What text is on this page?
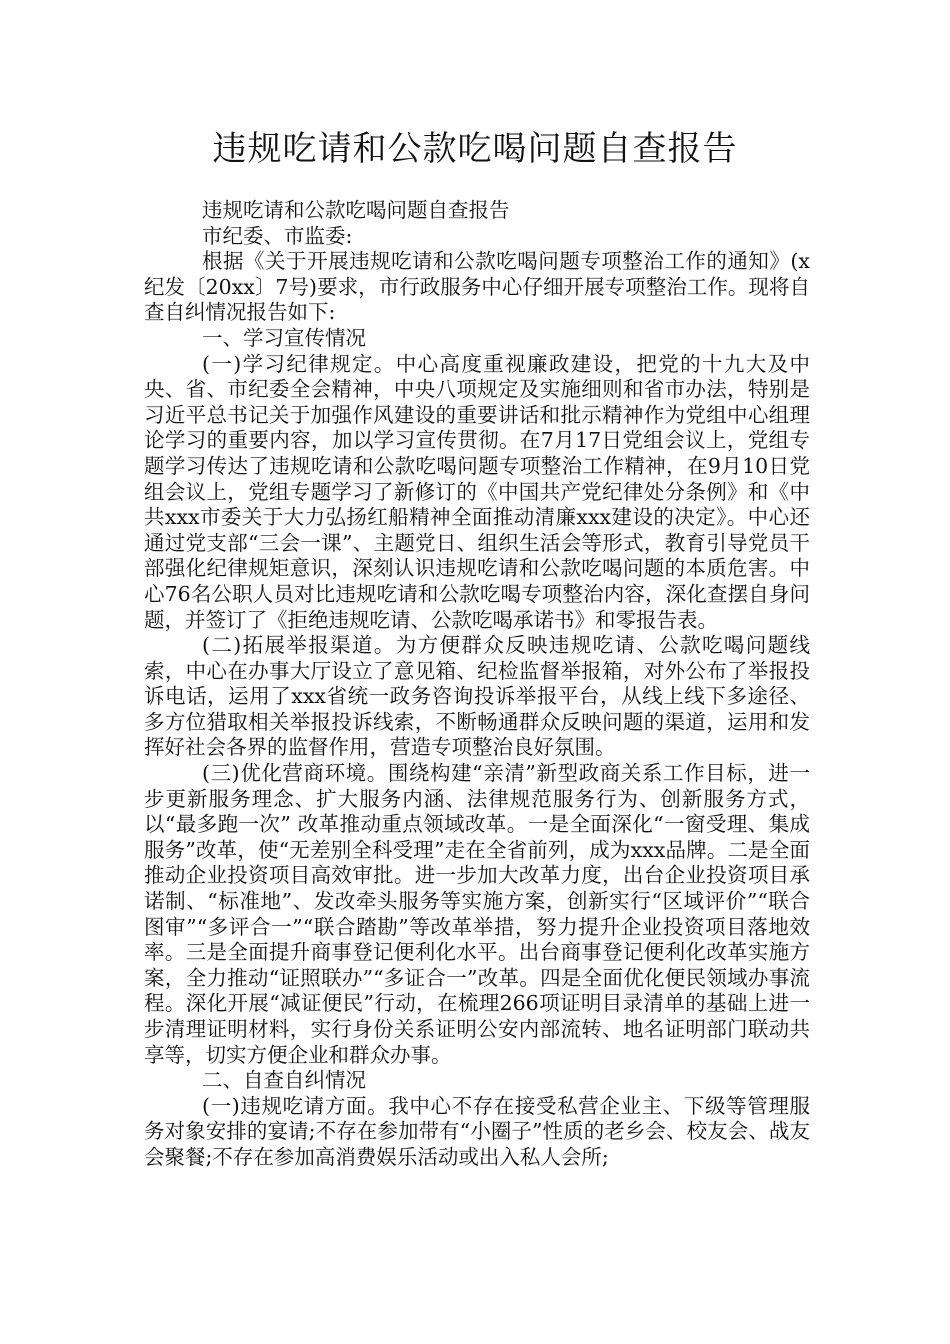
违规吃请和公款吃喝问题自查报告

违规吃请和公款吃喝问题自查报告

市纪委、市监委:

根据《关于开展违规吃请和公款吃喝问题专项整治工作的通知》(x纪发〔20xx〕7号)要求，市行政服务中心仔细开展专项整治工作。现将自查自纠情况报告如下:

一、学习宣传情况

(一)学习纪律规定。中心高度重视廉政建设，把党的十九大及中央、省、市纪委全会精神，中央八项规定及实施细则和省市办法，特别是习近平总书记关于加强作风建设的重要讲话和批示精神作为党组中心组理论学习的重要内容，加以学习宣传贯彻。在7月17日党组会议上，党组专题学习传达了违规吃请和公款吃喝问题专项整治工作精神，在9月10日党组会议上，党组专题学习了新修订的《中国共产党纪律处分条例》和《中共xxx市委关于大力弘扬红船精神全面推动清廉xxx建设的决定》。中心还通过党支部“三会一课”、主题党日、组织生活会等形式，教育引导党员干部强化纪律规矩意识，深刻认识违规吃请和公款吃喝问题的本质危害。中心76名公职人员对比违规吃请和公款吃喝专项整治内容，深化查摆自身问题，并签订了《拒绝违规吃请、公款吃喝承诺书》和零报告表。

(二)拓展举报渠道。为方便群众反映违规吃请、公款吃喝问题线索，中心在办事大厅设立了意见箱、纪检监督举报箱，对外公布了举报投诉电话，运用了xxx省统一政务咨询投诉举报平台，从线上线下多途径、多方位猎取相关举报投诉线索，不断畅通群众反映问题的渠道，运用和发挥好社会各界的监督作用，营造专项整治良好氛围。

(三)优化营商环境。围绕构建“亲清”新型政商关系工作目标，进一步更新服务理念、扩大服务内涵、法律规范服务行为、创新服务方式，以“最多跑一次” 改革推动重点领域改革。一是全面深化“一窗受理、集成服务”改革，使“无差别全科受理”走在全省前列，成为xxx品牌。二是全面推动企业投资项目高效审批。进一步加大改革力度，出台企业投资项目承诺制、“标准地”、发改牵头服务等实施方案，创新实行“区域评价”“联合图审”“多评合一”“联合踏勘”等改革举措，努力提升企业投资项目落地效率。三是全面提升商事登记便利化水平。出台商事登记便利化改革实施方案，全力推动“证照联办”“多证合一”改革。四是全面优化便民领域办事流程。深化开展“减证便民”行动，在梳理266项证明目录清单的基础上进一步清理证明材料，实行身份关系证明公安内部流转、地名证明部门联动共享等，切实方便企业和群众办事。

二、自查自纠情况

(一)违规吃请方面。我中心不存在接受私营企业主、下级等管理服务对象安排的宴请;不存在参加带有“小圈子”性质的老乡会、校友会、战友会聚餐;不存在参加高消费娱乐活动或出入私人会所;
